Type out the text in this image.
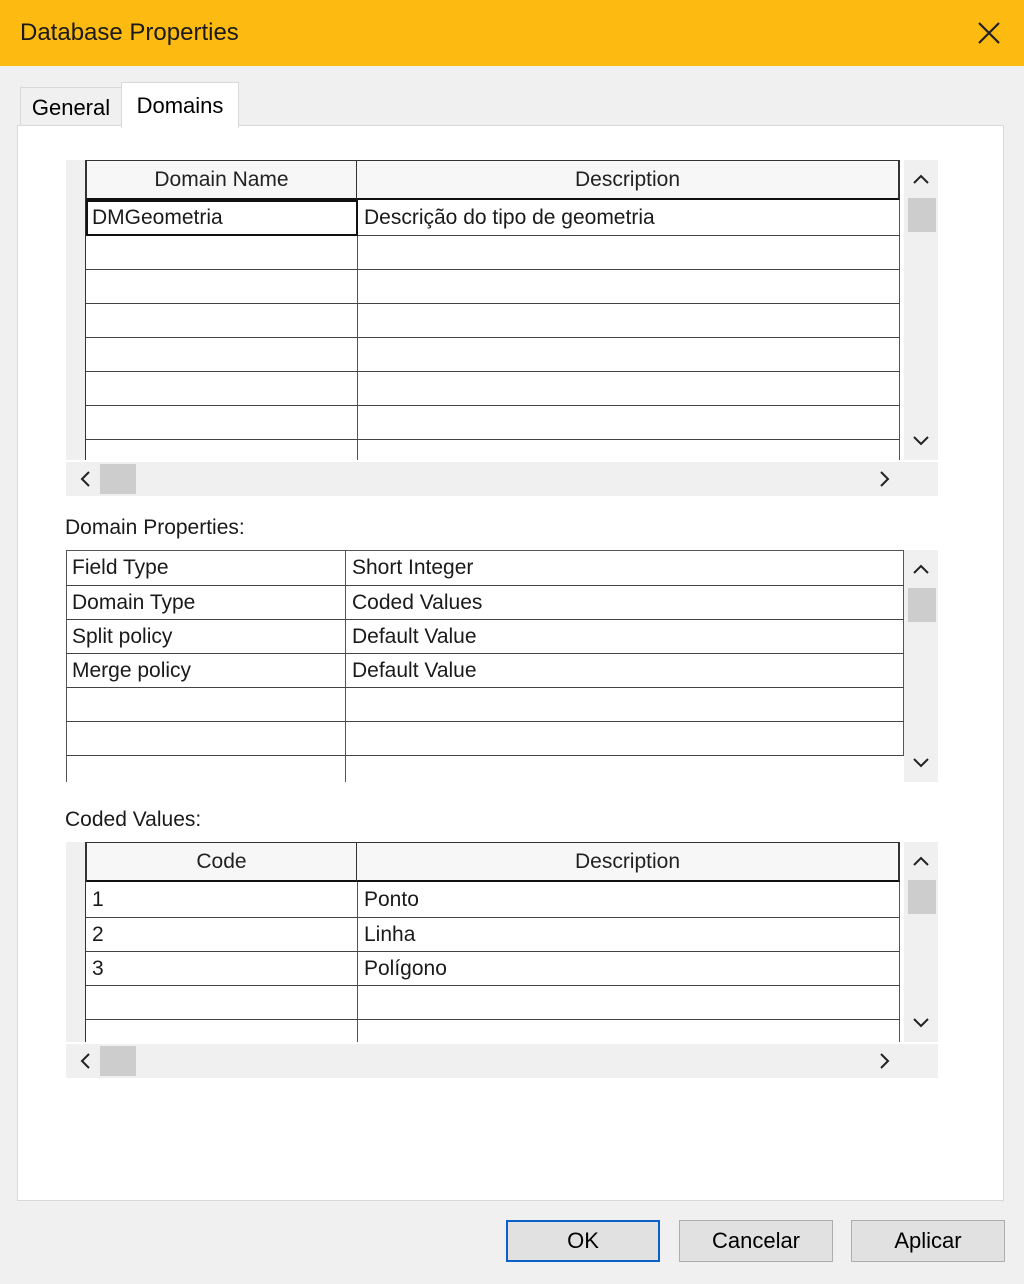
Database Properties
General	Domains
Domain Name	Description
DMGeometria	Descrição do tipo de geometria
Domain Properties:
Field Type	Short Integer
Domain Type	Coded Values
Split policy	Default Value
Merge policy	Default Value
Coded Values:
Code	Description
1	Ponto
2	Linha
3	Polígono
OK	Cancelar	Aplicar
